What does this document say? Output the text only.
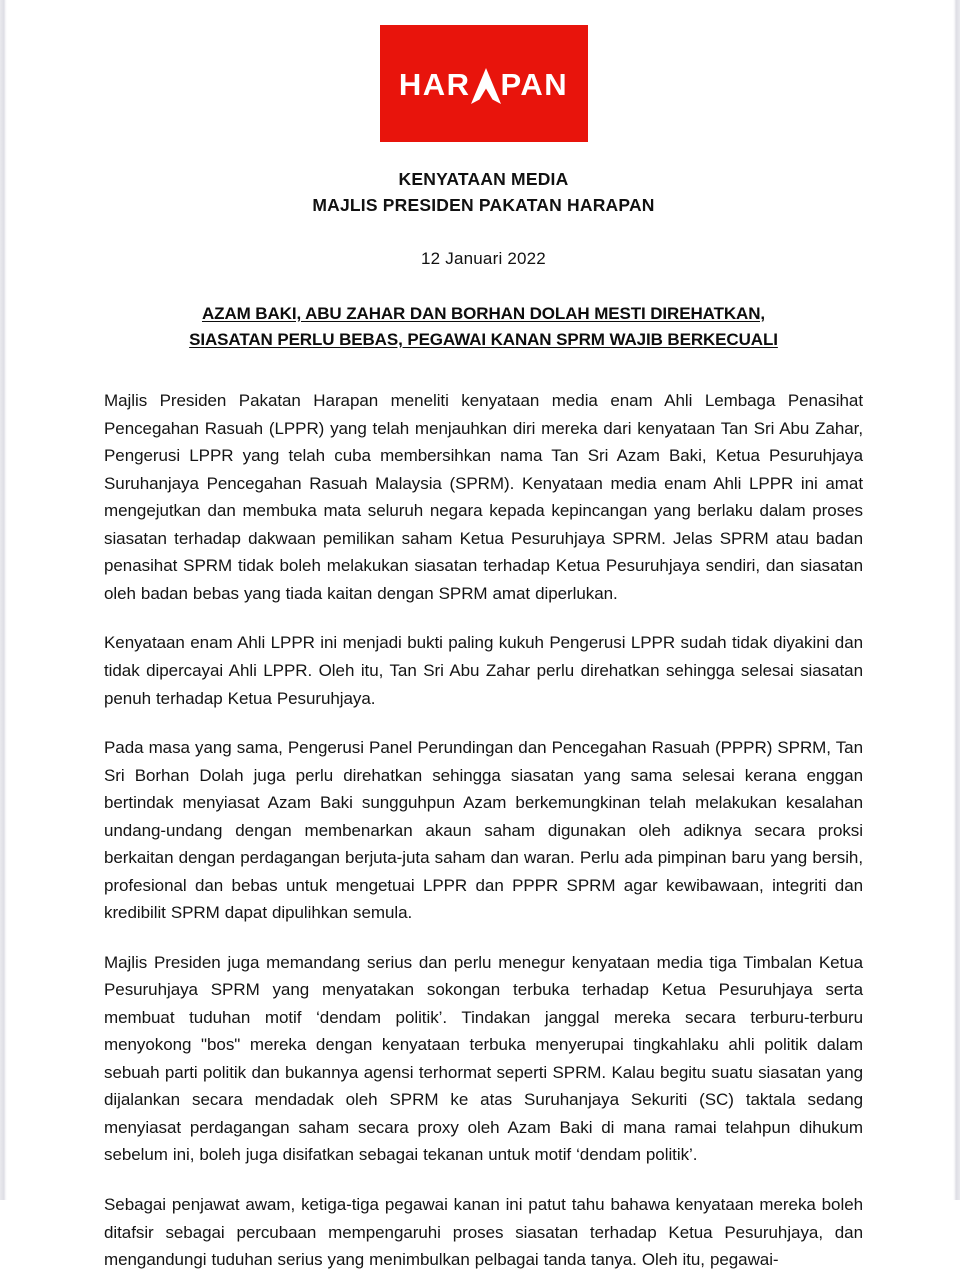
HAR PAN
KENYATAAN MEDIA
MAJLIS PRESIDEN PAKATAN HARAPAN
12 Januari 2022
AZAM BAKI, ABU ZAHAR DAN BORHAN DOLAH MESTI DIREHATKAN,
SIASATAN PERLU BEBAS, PEGAWAI KANAN SPRM WAJIB BERKECUALI

Majlis Presiden Pakatan Harapan meneliti kenyataan media enam Ahli Lembaga Penasihat Pencegahan Rasuah (LPPR) yang telah menjauhkan diri mereka dari kenyataan Tan Sri Abu Zahar, Pengerusi LPPR yang telah cuba membersihkan nama Tan Sri Azam Baki, Ketua Pesuruhjaya Suruhanjaya Pencegahan Rasuah Malaysia (SPRM). Kenyataan media enam Ahli LPPR ini amat mengejutkan dan membuka mata seluruh negara kepada kepincangan yang berlaku dalam proses siasatan terhadap dakwaan pemilikan saham Ketua Pesuruhjaya SPRM. Jelas SPRM atau badan penasihat SPRM tidak boleh melakukan siasatan terhadap Ketua Pesuruhjaya sendiri, dan siasatan oleh badan bebas yang tiada kaitan dengan SPRM amat diperlukan.

Kenyataan enam Ahli LPPR ini menjadi bukti paling kukuh Pengerusi LPPR sudah tidak diyakini dan tidak dipercayai Ahli LPPR. Oleh itu, Tan Sri Abu Zahar perlu direhatkan sehingga selesai siasatan penuh terhadap Ketua Pesuruhjaya.

Pada masa yang sama, Pengerusi Panel Perundingan dan Pencegahan Rasuah (PPPR) SPRM, Tan Sri Borhan Dolah juga perlu direhatkan sehingga siasatan yang sama selesai kerana enggan bertindak menyiasat Azam Baki sungguhpun Azam berkemungkinan telah melakukan kesalahan undang-undang dengan membenarkan akaun saham digunakan oleh adiknya secara proksi berkaitan dengan perdagangan berjuta-juta saham dan waran. Perlu ada pimpinan baru yang bersih, profesional dan bebas untuk mengetuai LPPR dan PPPR SPRM agar kewibawaan, integriti dan kredibilit SPRM dapat dipulihkan semula.

Majlis Presiden juga memandang serius dan perlu menegur kenyataan media tiga Timbalan Ketua Pesuruhjaya SPRM yang menyatakan sokongan terbuka terhadap Ketua Pesuruhjaya serta membuat tuduhan motif ‘dendam politik’. Tindakan janggal mereka secara terburu-terburu menyokong "bos" mereka dengan kenyataan terbuka menyerupai tingkahlaku ahli politik dalam sebuah parti politik dan bukannya agensi terhormat seperti SPRM. Kalau begitu suatu siasatan yang dijalankan secara mendadak oleh SPRM ke atas Suruhanjaya Sekuriti (SC) taktala sedang menyiasat perdagangan saham secara proxy oleh Azam Baki di mana ramai telahpun dihukum sebelum ini, boleh juga disifatkan sebagai tekanan untuk motif ‘dendam politik’.

Sebagai penjawat awam, ketiga-tiga pegawai kanan ini patut tahu bahawa kenyataan mereka boleh ditafsir sebagai percubaan mempengaruhi proses siasatan terhadap Ketua Pesuruhjaya, dan mengandungi tuduhan serius yang menimbulkan pelbagai tanda tanya. Oleh itu, pegawai-
